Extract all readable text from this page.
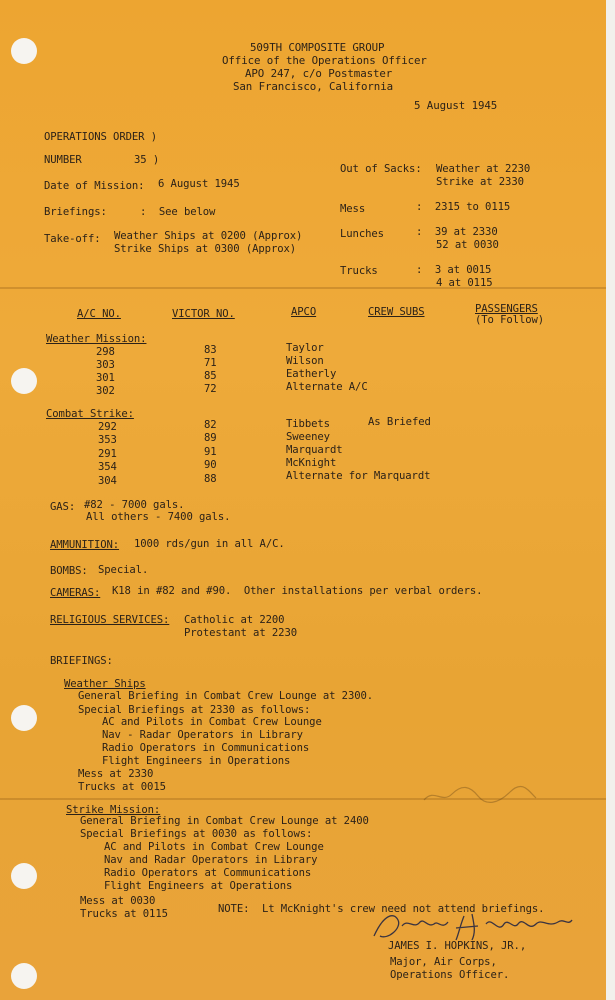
509TH COMPOSITE GROUP
Office of the Operations Officer
APO 247, c/o Postmaster
San Francisco, California
5 August 1945
OPERATIONS ORDER )
NUMBER	35 )
Date of Mission: 6 August 1945
Briefings:	:  See below
Take-off: Weather Ships at 0200 (Approx)
Strike Ships at 0300 (Approx)
Out of Sacks: Weather at 2230
Strike at 2330
Mess	:  2315 to 0115
Lunches	:  39 at 2330
52 at 0030
Trucks	:  3 at 0015
4 at 0115
A/C NO.	VICTOR NO.	APCO	CREW SUBS	PASSENGERS
(To Follow)
Weather Mission:
298	83	Taylor
303	71	Wilson
301	85	Eatherly
302	72	Alternate A/C
Combat Strike:
292	82	Tibbets	As Briefed
353	89	Sweeney
291	91	Marquardt
354	90	McKnight
304	88	Alternate for Marquardt
GAS: #82 - 7000 gals.
All others - 7400 gals.
AMMUNITION: 1000 rds/gun in all A/C.
BOMBS: Special.
CAMERAS: K18 in #82 and #90.  Other installations per verbal orders.
RELIGIOUS SERVICES: Catholic at 2200
Protestant at 2230
BRIEFINGS:
Weather Ships
General Briefing in Combat Crew Lounge at 2300.
Special Briefings at 2330 as follows:
AC and Pilots in Combat Crew Lounge
Nav - Radar Operators in Library
Radio Operators in Communications
Flight Engineers in Operations
Mess at 2330
Trucks at 0015
Strike Mission:
General Briefing in Combat Crew Lounge at 2400
Special Briefings at 0030 as follows:
AC and Pilots in Combat Crew Lounge
Nav and Radar Operators in Library
Radio Operators at Communications
Flight Engineers at Operations
Mess at 0030
Trucks at 0115	NOTE:  Lt McKnight's crew need not attend briefings.
JAMES I. HOPKINS, JR.,
Major, Air Corps,
Operations Officer.
